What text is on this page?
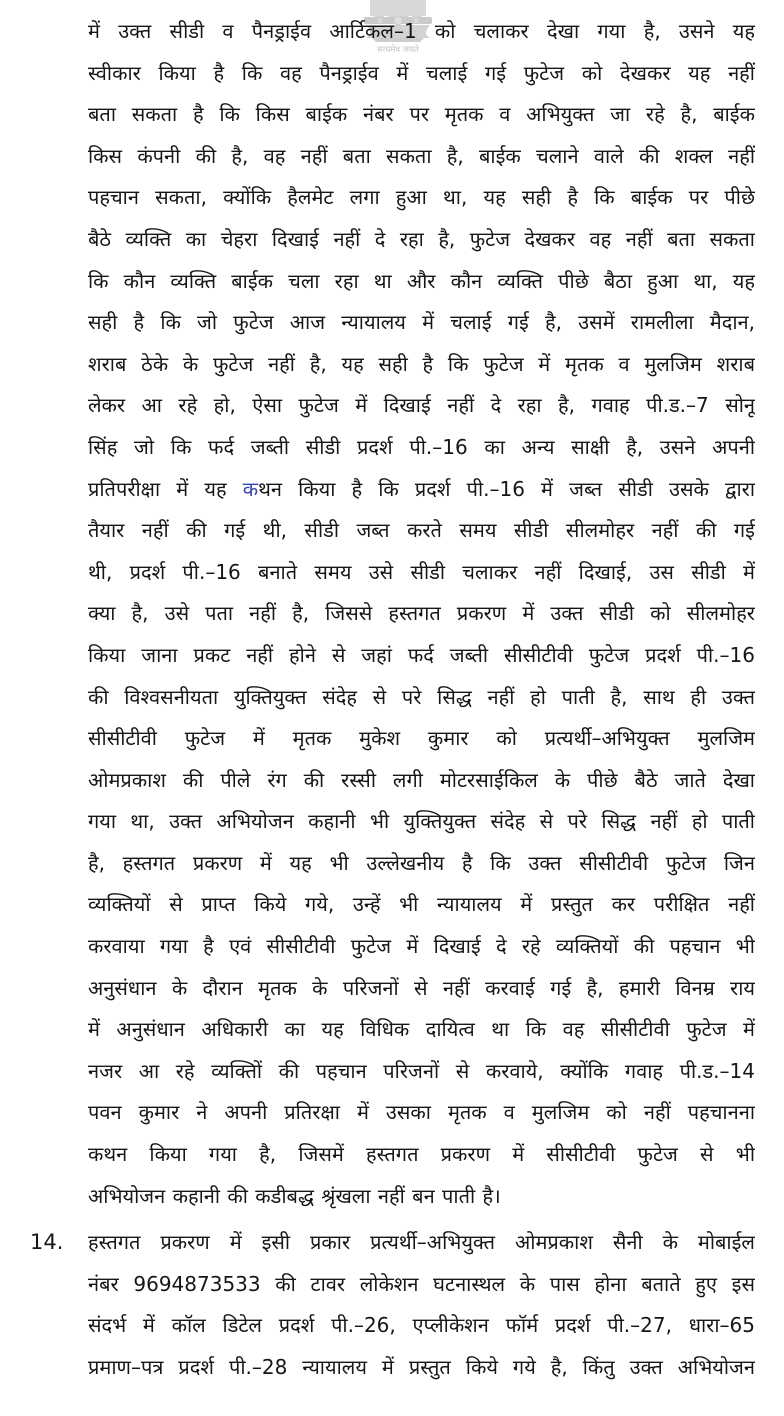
सत्यमेव जयते
में उक्त सीडी व पैनड्राईव आर्टिकल–1 को चलाकर देखा गया है, उसने यह
स्वीकार किया है कि वह पैनड्राईव में चलाई गई फुटेज को देखकर यह नहीं
बता सकता है कि किस बाईक नंबर पर मृतक व अभियुक्त जा रहे है, बाईक
किस कंपनी की है, वह नहीं बता सकता है, बाईक चलाने वाले की शक्ल नहीं
पहचान सकता, क्योंकि हैलमेट लगा हुआ था, यह सही है कि बाईक पर पीछे
बैठे व्यक्ति का चेहरा दिखाई नहीं दे रहा है, फुटेज देखकर वह नहीं बता सकता
कि कौन व्यक्ति बाईक चला रहा था और कौन व्यक्ति पीछे बैठा हुआ था, यह
सही है कि जो फुटेज आज न्यायालय में चलाई गई है, उसमें रामलीला मैदान,
शराब ठेके के फुटेज नहीं है, यह सही है कि फुटेज में मृतक व मुलजिम शराब
लेकर आ रहे हो, ऐसा फुटेज में दिखाई नहीं दे रहा है, गवाह पी.ड.–7 सोनू
सिंह जो कि फर्द जब्ती सीडी प्रदर्श पी.–16 का अन्य साक्षी है, उसने अपनी
प्रतिपरीक्षा में यह कथन किया है कि प्रदर्श पी.–16 में जब्त सीडी उसके द्वारा
तैयार नहीं की गई थी, सीडी जब्त करते समय सीडी सीलमोहर नहीं की गई
थी, प्रदर्श पी.–16 बनाते समय उसे सीडी चलाकर नहीं दिखाई, उस सीडी में
क्या है, उसे पता नहीं है, जिससे हस्तगत प्रकरण में उक्त सीडी को सीलमोहर
किया जाना प्रकट नहीं होने से जहां फर्द जब्ती सीसीटीवी फुटेज प्रदर्श पी.–16
की विश्वसनीयता युक्तियुक्त संदेह से परे सिद्ध नहीं हो पाती है, साथ ही उक्त
सीसीटीवी फुटेज में मृतक मुकेश कुमार को प्रत्यर्थी–अभियुक्त मुलजिम
ओमप्रकाश की पीले रंग की रस्सी लगी मोटरसाईकिल के पीछे बैठे जाते देखा
गया था, उक्त अभियोजन कहानी भी युक्तियुक्त संदेह से परे सिद्ध नहीं हो पाती
है, हस्तगत प्रकरण में यह भी उल्लेखनीय है कि उक्त सीसीटीवी फुटेज जिन
व्यक्तियों से प्राप्त किये गये, उन्हें भी न्यायालय में प्रस्तुत कर परीक्षित नहीं
करवाया गया है एवं सीसीटीवी फुटेज में दिखाई दे रहे व्यक्तियों की पहचान भी
अनुसंधान के दौरान मृतक के परिजनों से नहीं करवाई गई है, हमारी विनम्र राय
में अनुसंधान अधिकारी का यह विधिक दायित्व था कि वह सीसीटीवी फुटेज में
नजर आ रहे व्यक्तिों की पहचान परिजनों से करवाये, क्योंकि गवाह पी.ड.–14
पवन कुमार ने अपनी प्रतिरक्षा में उसका मृतक व मुलजिम को नहीं पहचानना
कथन किया गया है, जिसमें हस्तगत प्रकरण में सीसीटीवी फुटेज से भी
अभियोजन कहानी की कडीबद्ध श्रृंखला नहीं बन पाती है।
14. हस्तगत प्रकरण में इसी प्रकार प्रत्यर्थी–अभियुक्त ओमप्रकाश सैनी के मोबाईल
नंबर 9694873533 की टावर लोकेशन घटनास्थल के पास होना बताते हुए इस
संदर्भ में कॉल डिटेल प्रदर्श पी.–26, एप्लीकेशन फॉर्म प्रदर्श पी.–27, धारा–65
प्रमाण–पत्र प्रदर्श पी.–28 न्यायालय में प्रस्तुत किये गये है, किंतु उक्त अभियोजन
